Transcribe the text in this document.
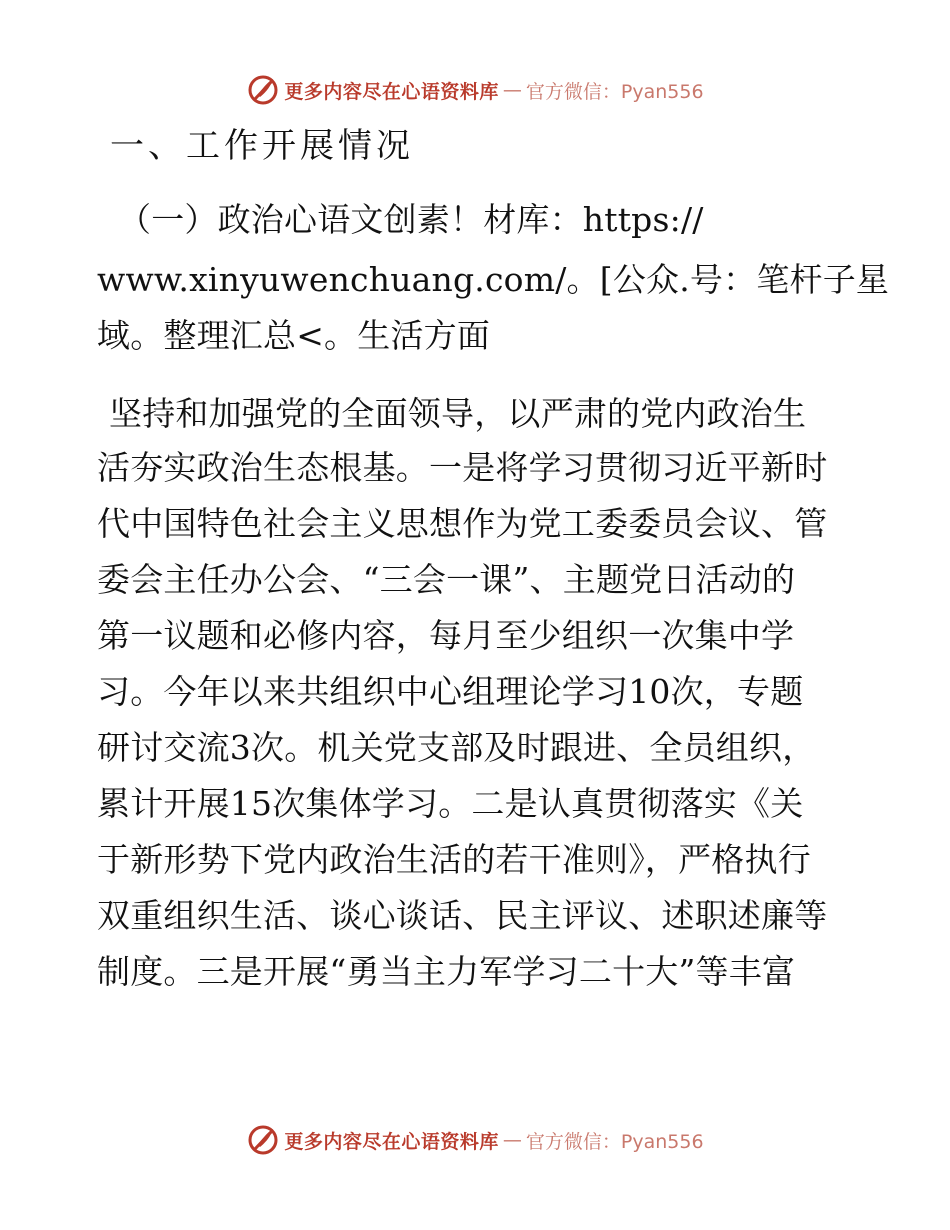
更多内容尽在心语资料库 — 官方微信：Pyan556
一、工作开展情况
（一）政治心语文创素！材库：https://
www.xinyuwenchuang.com/。[公众.号：笔杆子星
域。整理汇总<。生活方面
坚持和加强党的全面领导，以严肃的党内政治生
活夯实政治生态根基。一是将学习贯彻习近平新时
代中国特色社会主义思想作为党工委委员会议、管
委会主任办公会、“三会一课”、主题党日活动的
第一议题和必修内容，每月至少组织一次集中学
习。今年以来共组织中心组理论学习10次，专题
研讨交流3次。机关党支部及时跟进、全员组织，
累计开展15次集体学习。二是认真贯彻落实《关
于新形势下党内政治生活的若干准则》，严格执行
双重组织生活、谈心谈话、民主评议、述职述廉等
制度。三是开展“勇当主力军学习二十大”等丰富
更多内容尽在心语资料库 — 官方微信：Pyan556
